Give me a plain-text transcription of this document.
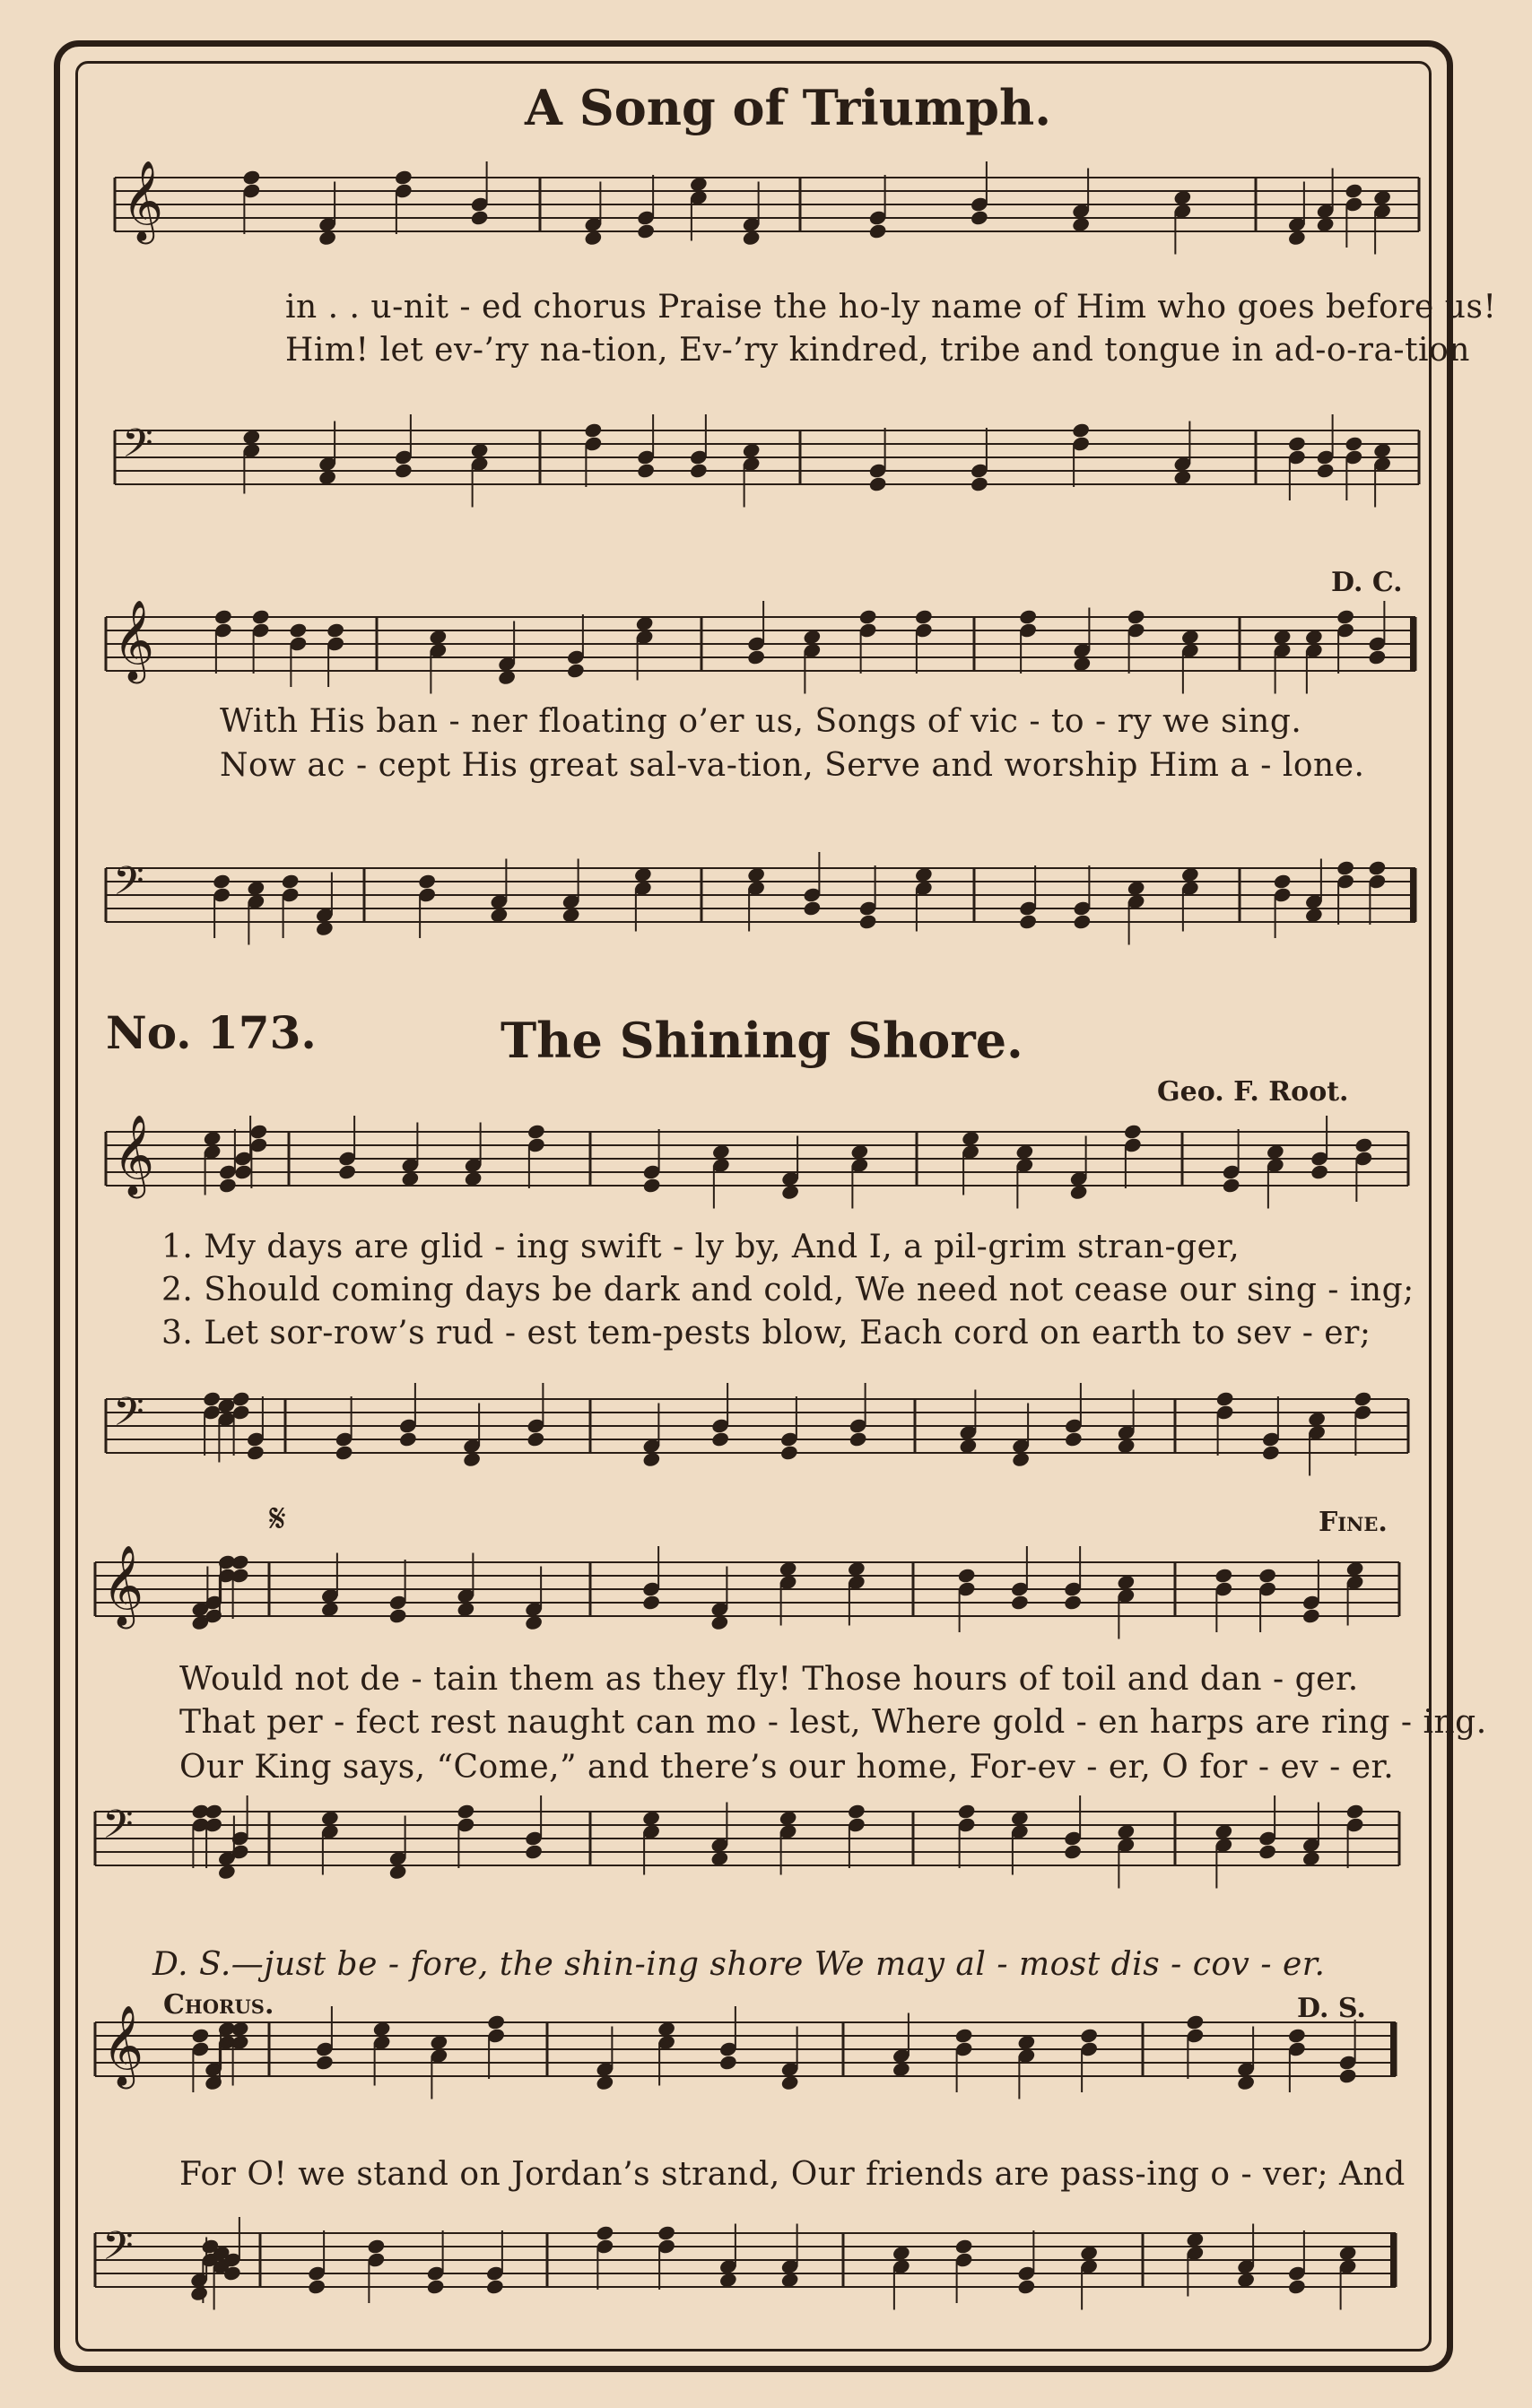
A Song of Triumph.
𝄞
𝄢
𝄞
𝄢
𝄞
𝄢
𝄞
𝄢
𝄞
𝄢
in . . u-nit - ed chorus Praise the ho-ly name of Him who goes before us!
Him! let ev-’ry na-tion, Ev-’ry kindred, tribe and tongue in ad-o-ra-tion
D. C.
With His ban - ner floating o’er us, Songs of vic - to - ry we sing.
Now ac - cept His great sal-va-tion, Serve and worship Him a - lone.
No. 173.	The Shining Shore.
Geo. F. Root.
1. My days are glid - ing swift - ly by, And I, a pil-grim stran-ger,
2. Should coming days be dark and cold, We need not cease our sing - ing;
3. Let sor-row’s rud - est tem-pests blow, Each cord on earth to sev - er;
𝄋	Fine.
Would not de - tain them as they fly! Those hours of toil and dan - ger.
That per - fect rest naught can mo - lest, Where gold - en harps are ring - ing.
Our King says, “Come,” and there’s our home, For-ev - er, O for - ev - er.
D. S.—just be - fore, the shin-ing shore We may al - most dis - cov - er.
Chorus.	D. S.
For O! we stand on Jordan’s strand, Our friends are pass-ing o - ver; And
